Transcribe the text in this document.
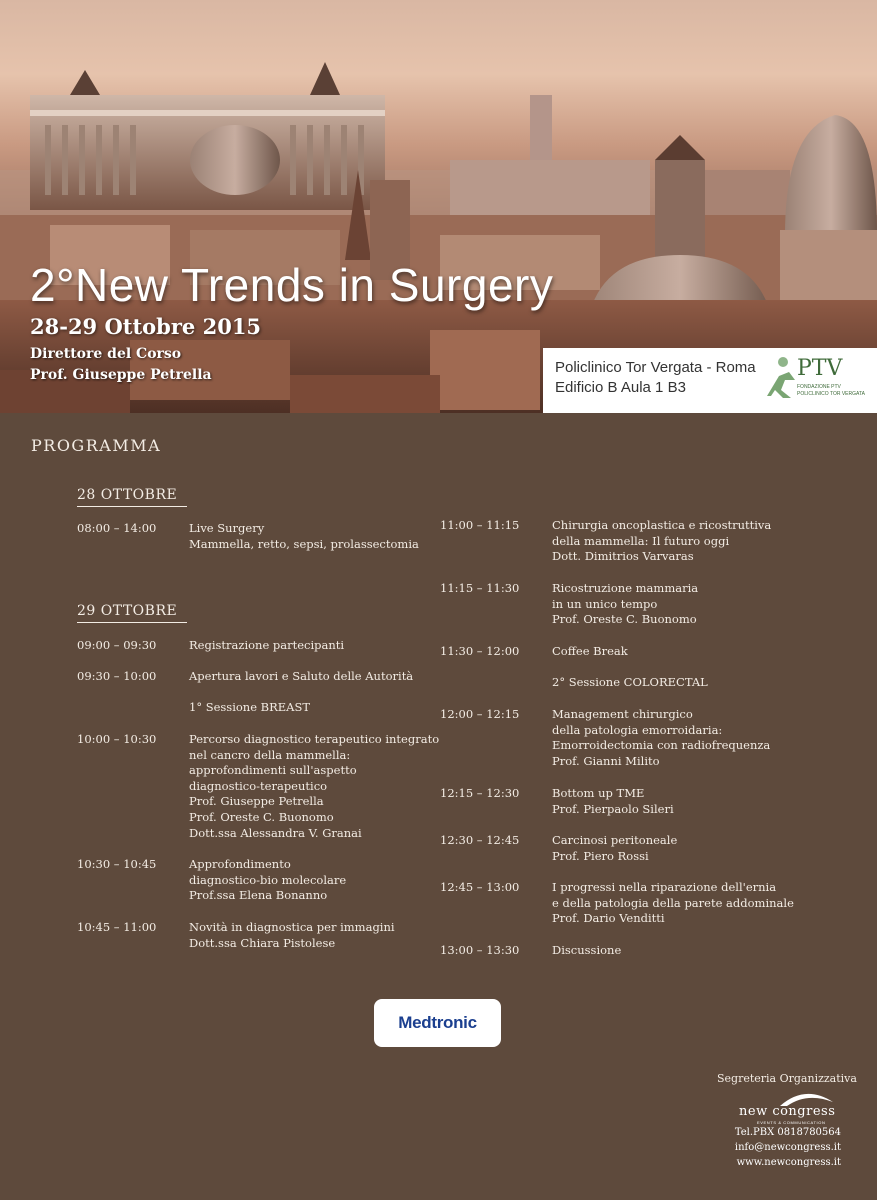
2°New Trends in Surgery
28-29 Ottobre 2015
Direttore del Corso
Prof. Giuseppe Petrella	Policlinico Tor Vergata - Roma
Edificio B Aula 1 B3
PTV
FONDAZIONE PTV POLICLINICO TOR VERGATA
PROGRAMMA
28 OTTOBRE
08:00 – 14:00	Live Surgery
Mammella, retto, sepsi, prolassectomia
29 OTTOBRE
09:00 – 09:30	Registrazione partecipanti
09:30 – 10:00	Apertura lavori e Saluto delle Autorità
1° Sessione BREAST
10:00 – 10:30	Percorso diagnostico terapeutico integrato
nel cancro della mammella:
approfondimenti sull'aspetto
diagnostico-terapeutico
Prof. Giuseppe Petrella
Prof. Oreste C. Buonomo
Dott.ssa Alessandra V. Granai
10:30 – 10:45	Approfondimento
diagnostico-bio molecolare
Prof.ssa Elena Bonanno
10:45 – 11:00	Novità in diagnostica per immagini
Dott.ssa Chiara Pistolese
11:00 – 11:15	Chirurgia oncoplastica e ricostruttiva
della mammella: Il futuro oggi
Dott. Dimitrios Varvaras
11:15 – 11:30	Ricostruzione mammaria
in un unico tempo
Prof. Oreste C. Buonomo
11:30 – 12:00	Coffee Break
2° Sessione COLORECTAL
12:00 – 12:15	Management chirurgico
della patologia emorroidaria:
Emorroidectomia con radiofrequenza
Prof. Gianni Milito
12:15 – 12:30	Bottom up TME
Prof. Pierpaolo Sileri
12:30 – 12:45	Carcinosi peritoneale
Prof. Piero Rossi
12:45 – 13:00	I progressi nella riparazione dell'ernia
e della patologia della parete addominale
Prof. Dario Venditti
13:00 – 13:30	Discussione
Medtronic
Segreteria Organizzativa
new congress
EVENTS & COMMUNICATION
Tel.PBX 0818780564
info@newcongress.it
www.newcongress.it
